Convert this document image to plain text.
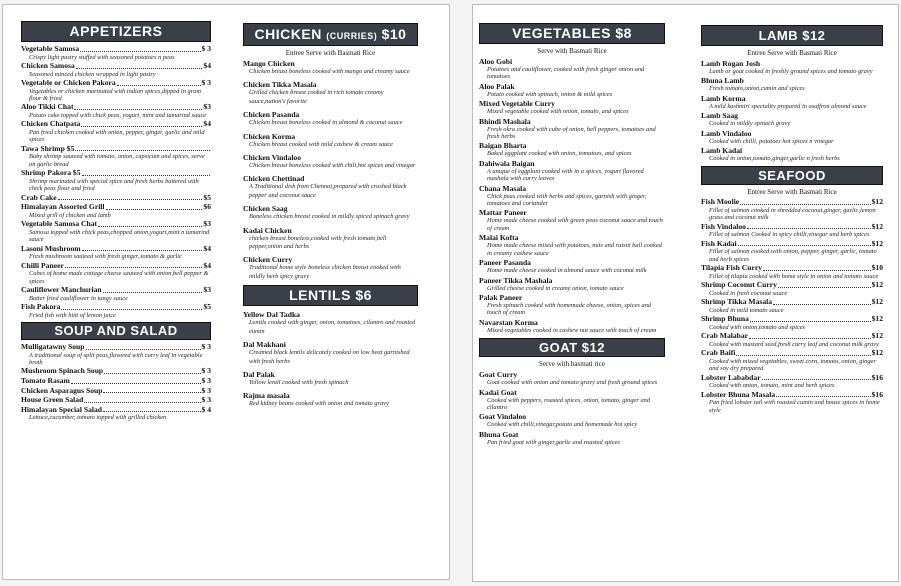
APPETIZERS
Vegetable Samosa	$ 3
Crispy light pastry stuffed with seasoned potatoes n peas
Chicken Samosa	$4
Seasoned minced chicken wrapped in light pastry
Vegetable or Chicken Pakora	$ 3
Vegetables or chicken marinated with indian spices,dipped in gram flour & fried
Aloo Tikki Chat	$3
Potato cake topped with chick peas, yogurt, mint and tamarind sauce
Chicken Chatpata	$4
Pan fried chicken cooked with onion, pepper, ginger, garlic and mild spices
Tawa Shrimp $5
Baby shrimp sauteed with tomato, onion, capsicum and spices, serve on garlic bread
Shrimp Pakora $5
Shrimp marinated with special spice and fresh herbs battered with chick peas flour and fried
Crab Cake	$5
Himalayan Assorted Grill	$6
Mixed grill of chicken and lamb
Vegetable Samosa Chat	$3
Samosa topped with chick peas,chopped onion,yogurt,mint n tamarind sauce
Lasoni Mushroom	$4
Fresh mushroom sauteed with fresh ginger, tomato & garlic
Chilli Paneer	$4
Cubes of home made cottage cheese sauteed with onion,bell pepper & spices
Cauliflower Manchurian	$3
Batter fried cauliflower in tangy sauce
Fish Pakora	$5
Fried fish with hint of lemon juice
SOUP AND SALAD
Mulligatawny Soup	$ 3
A traditional soup of split peas,flavored with curry leaf in vegetable broth
Mushroom Spinach Soup	$ 3
Tomato Rasam	$ 3
Chicken Asparagus Soup	$ 3
House Green Salad	$ 3
Himalayan Special Salad	$ 4
Lettuce,cucumber, tomato topped with grilled chicken
CHICKEN (CURRIES) $10
Entree Serve with Basmati Rice
Mango Chicken
Chicken breast boneless cooked with mango and creamy sauce
Chicken Tikka Masala
Grilled chicken breast cooked in rich tomato creamy sauce,nation's favorite
Chicken Pasanda
Chicken breast boneless cooked in almond & coconut sauce
Chicken Korma
Chicken breast cooked with mild cashew & cream sauce
Chicken Vindaloo
Chicken breast boneless cooked with chili,hot spices and vinegar
Chicken Chettinad
A Traditional dish from Chennai,prepared with crushed black pepper and coconut sauce
Chicken Saag
Boneless chicken breast cooked in mildly spiced spinach gravy
Kadai Chicken
chicken breast boneless,cooked with fresh tomato,bell pepper,onion and herbs
Chicken Curry
Traditional home style boneless chicken breast cooked with mildly herb spicy gravy
LENTILS $6
Yellow Dal Tadka
Lentils cooked with ginger, onion, tomatoes, cilantro and roasted cumin
Dal Makhani
Creamed black lentils delicately cooked on low heat garnished with fresh herbs
Dal Palak
Yellow lentil cooked with fresh spinach
Rajma masala
Red kidney beans cooked with onion and tomato gravy
VEGETABLES $8
Serve with Basmati Rice
Aloo Gobi
Potatoes and cauliflower, cooked with fresh ginger onion and tomatoes
Aloo Palak
Potato cooked with spinach, onion & mild spices
Mixed Vegetable Curry
Mixed vegetable cooked with onion, tomato, and spices
Bhindi Mashala
Fresh okra cooked with cube of onion, bell peppers, tomatoes and fresh herbs
Baigan Bharta
Baked eggplant cooked with onion, tomatoes, and spices
Dahiwala Baigan
A unique of eggplant cooked with in a spices, yogurt flavored mashala with curry leaves
Chana Masala
Chick peas cooked with herbs and spices, garnish with ginger, tomatoes and coriander
Mattar Paneer
Home made cheese cooked with green peas coconut sauce and touch of cream
Malai Kofta
Home made cheese mixed with potatoes, nuts and raisin ball cooked in creamy cashew sauce
Paneer Pasanda
Home made cheese cooked in almond sauce with coconut milk
Paneer Tikka Mashala
Grilled cheese cooked in creamy onion, tomato sauce
Palak Paneer
Fresh spinach cooked with homemade cheese, onion, spices and touch of cream
Navarstan Korma
Mixed vegetables cooked in cashew nut sauce with touch of cream
GOAT $12
Serve with basmati rice
Goat Curry
Goat cooked with onion and tomato gravy and fresh ground spices
Kadai Goat
Cooked with peppers, roasted spices, onion, tomato, ginger and cilantro
Goat Vindaloo
Cooked with chilli,vinegar,potato and homemade hot spicy
Bhuna Goat
Pan fried goat with ginger,garlic and roasted spices
LAMB $12
Entree Serve with Basmati Rice
Lamb Rogan Josh
Lamb or goat cooked in freshly ground spices and tomato gravy
Bhuna Lamb
Fresh tomato,onion,cumin and spices
Lamb Korma
A mild kashmiri speciality prepared in asaffron almond sauce
Lamb Saag
Cooked in mildly spinach gravy
Lamb Vindaloo
Cooked with chilli, potatoes hot spices n vinegar
Lamb Kadai
Cooked in onion,tomato,ginger,garlic n fresh herbs
SEAFOOD
Entree Serve with Basmati Rice
Fish Moolie	$12
Fillet of salmon cooked in shredded coconut,ginger, garlic,lemon grass and coconut milk
Fish Vindaloo	$12
Fillet of salmon Cooked in spicy chilli,vinegar and herb spices
Fish Kadai	$12
Fillet of salmon cooked with onion, pepper, ginger, garlic, tomato and herb spices
Tilapia Fish Curry	$10
Fillet of tilapia cooked with home style in onion and tomato sauce
Shrimp Coconut Curry	$12
Cooked in fresh coconut sauce
Shrimp Tikka Masala	$12
Cooked in mild tomato sauce
Shrimp Bhuna	$12
Cooked with onion,tomato and spices
Crab Malabar	$12
Cooked with mustard seed,fresh curry leaf and coconut milk gravy
Crab Baifi	$12
Cooked with mixed vegetables, sweet corn, tomato, onion, ginger and soy dry prepared
Lobster Lababdar	$16
Cooked with onion, tomato, mint and herb spices
Lobster Bhuna Masala	$16
Pan fried lobster tail with roasted cumin and house spices in home style
